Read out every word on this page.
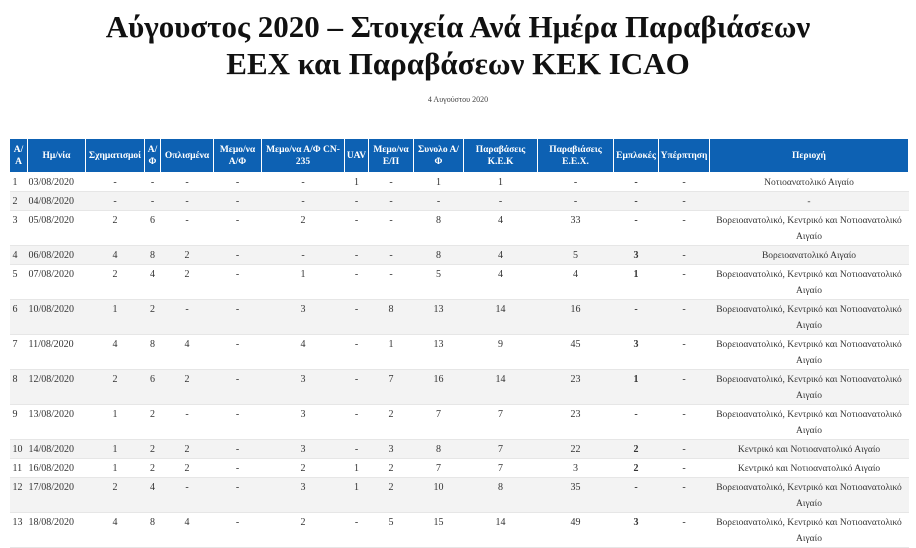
Αύγουστος 2020 – Στοιχεία Ανά Ημέρα Παραβιάσεων
ΕΕΧ και Παραβάσεων ΚΕΚ ICAO
4 Αυγούστου 2020
Α/Α	Ημ/νία	Σχηματισμοί	Α/Φ	Οπλισμένα	Μεμο/να Α/Φ	Μεμο/να Α/Φ CN-235	UAV	Μεμο/να Ε/Π	Συνολο Α/Φ	Παραβάσεις Κ.Ε.Κ	Παραβιάσεις Ε.Ε.Χ.	Εμπλοκές	Υπέρπτηση	Περιοχή
1	03/08/2020	-	-	-	-	-	1	-	1	1	-	-	-	Νοτιοανατολικό Αιγαίο
2	04/08/2020	-	-	-	-	-	-	-	-	-	-	-	-	-
3	05/08/2020	2	6	-	-	2	-	-	8	4	33	-	-	Βορειοανατολικό, Κεντρικό και Νοτιοανατολικό Αιγαίο
4	06/08/2020	4	8	2	-	-	-	-	8	4	5	3	-	Βορειοανατολικό Αιγαίο
5	07/08/2020	2	4	2	-	1	-	-	5	4	4	1	-	Βορειοανατολικό, Κεντρικό και Νοτιοανατολικό Αιγαίο
6	10/08/2020	1	2	-	-	3	-	8	13	14	16	-	-	Βορειοανατολικό, Κεντρικό και Νοτιοανατολικό Αιγαίο
7	11/08/2020	4	8	4	-	4	-	1	13	9	45	3	-	Βορειοανατολικό, Κεντρικό και Νοτιοανατολικό Αιγαίο
8	12/08/2020	2	6	2	-	3	-	7	16	14	23	1	-	Βορειοανατολικό, Κεντρικό και Νοτιοανατολικό Αιγαίο
9	13/08/2020	1	2	-	-	3	-	2	7	7	23	-	-	Βορειοανατολικό, Κεντρικό και Νοτιοανατολικό Αιγαίο
10	14/08/2020	1	2	2	-	3	-	3	8	7	22	2	-	Κεντρικό και Νοτιοανατολικό Αιγαίο
11	16/08/2020	1	2	2	-	2	1	2	7	7	3	2	-	Κεντρικό και Νοτιοανατολικό Αιγαίο
12	17/08/2020	2	4	-	-	3	1	2	10	8	35	-	-	Βορειοανατολικό, Κεντρικό και Νοτιοανατολικό Αιγαίο
13	18/08/2020	4	8	4	-	2	-	5	15	14	49	3	-	Βορειοανατολικό, Κεντρικό και Νοτιοανατολικό Αιγαίο
